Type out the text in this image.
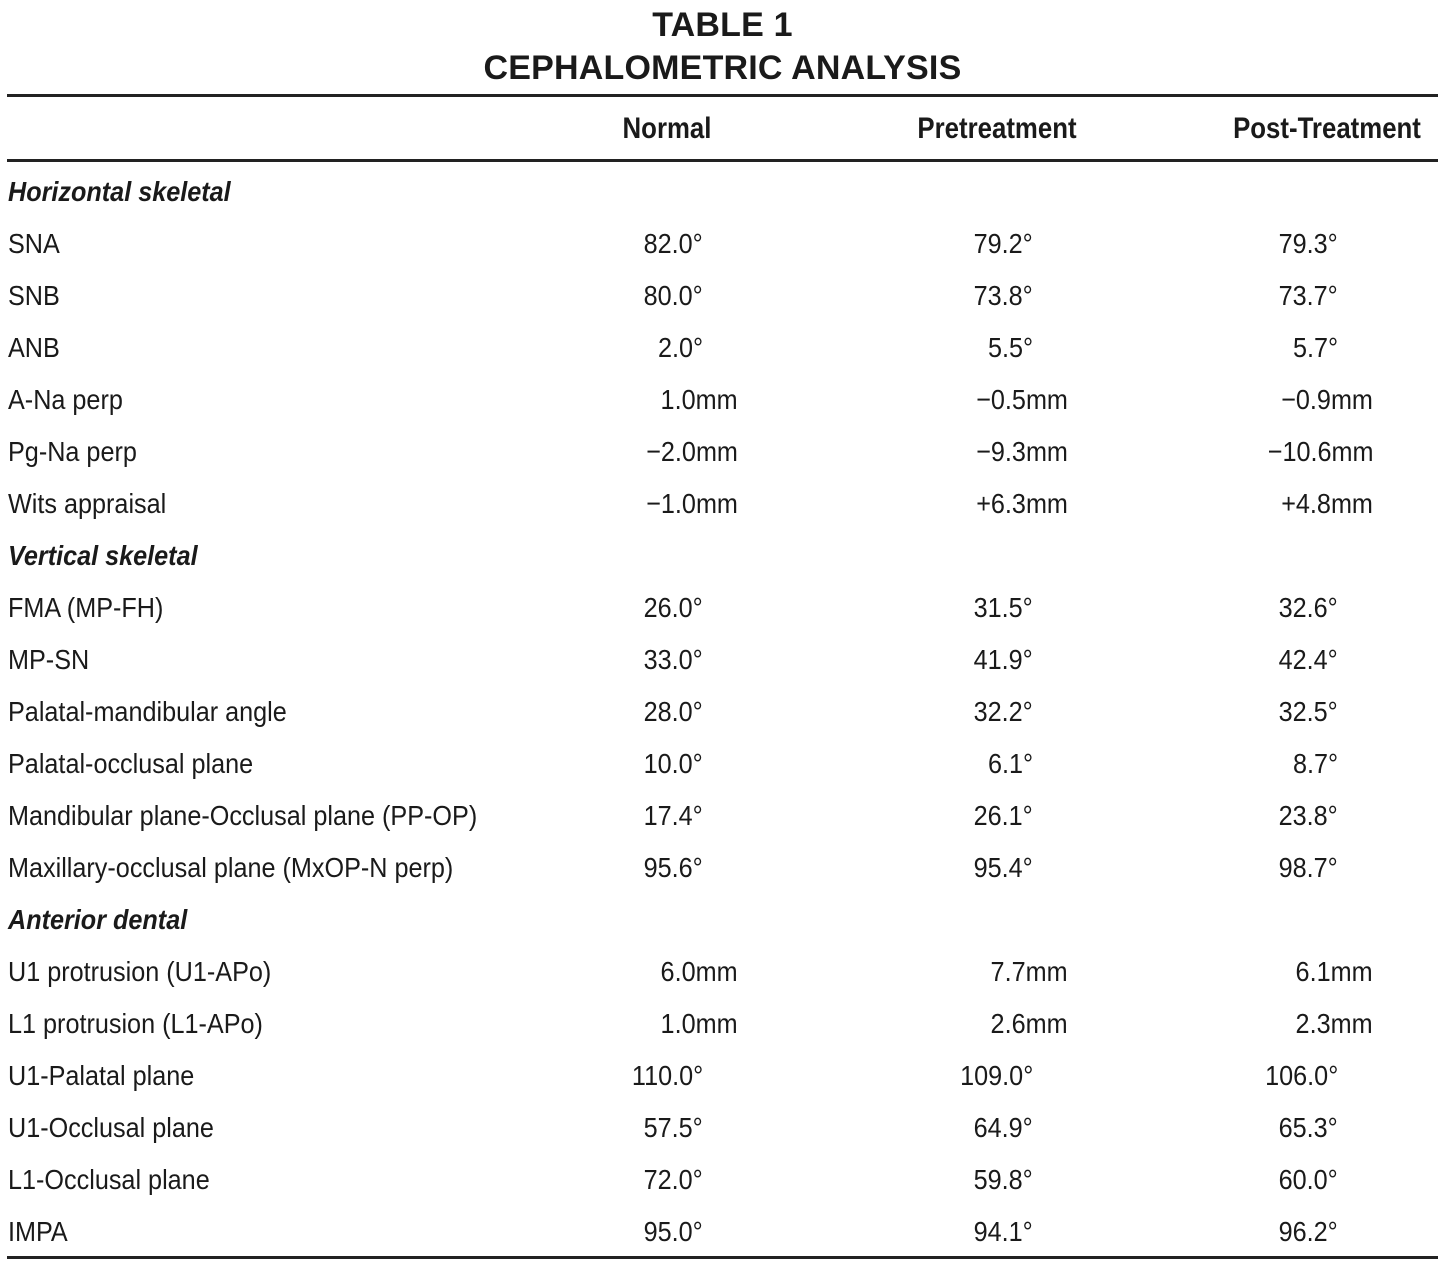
TABLE 1
CEPHALOMETRIC ANALYSIS
Normal	Pretreatment	Post-Treatment
Horizontal skeletal
SNA	82.0°	79.2°	79.3°
SNB	80.0°	73.8°	73.7°
ANB	2.0°	5.5°	5.7°
A-Na perp	1.0mm	−0.5mm	−0.9mm
Pg-Na perp	−2.0mm	−9.3mm	−10.6mm
Wits appraisal	−1.0mm	+6.3mm	+4.8mm
Vertical skeletal
FMA (MP-FH)	26.0°	31.5°	32.6°
MP-SN	33.0°	41.9°	42.4°
Palatal-mandibular angle	28.0°	32.2°	32.5°
Palatal-occlusal plane	10.0°	6.1°	8.7°
Mandibular plane-Occlusal plane (PP-OP)	17.4°	26.1°	23.8°
Maxillary-occlusal plane (MxOP-N perp)	95.6°	95.4°	98.7°
Anterior dental
U1 protrusion (U1-APo)	6.0mm	7.7mm	6.1mm
L1 protrusion (L1-APo)	1.0mm	2.6mm	2.3mm
U1-Palatal plane	110.0°	109.0°	106.0°
U1-Occlusal plane	57.5°	64.9°	65.3°
L1-Occlusal plane	72.0°	59.8°	60.0°
IMPA	95.0°	94.1°	96.2°
